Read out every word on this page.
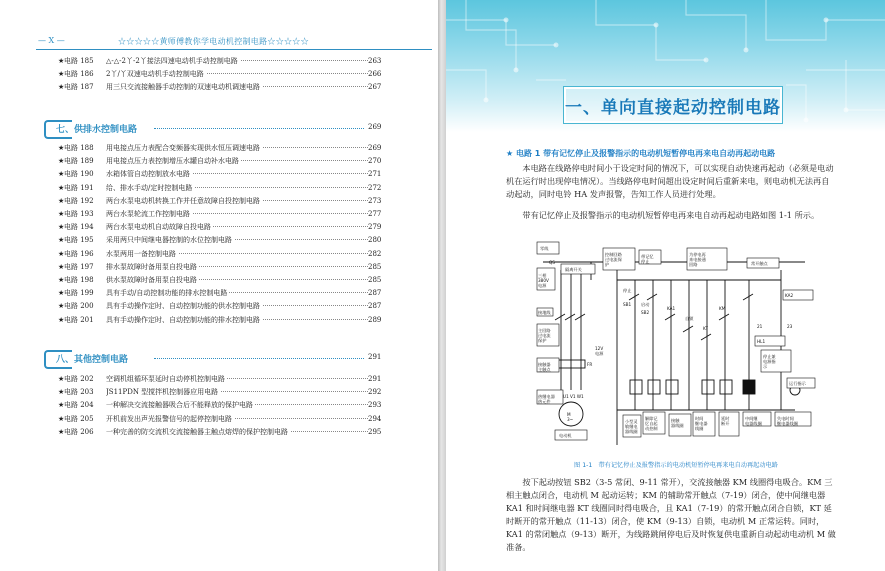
— X —	☆☆☆☆☆黄师傅教你学电动机控制电路☆☆☆☆☆
★ 电路 185 △-△-2丫-2丫接法四速电动机手动控制电路	263
★ 电路 186 2丫/丫双速电动机手动控制电路	266
★ 电路 187 用三只交流接触器手动控制的双速电动机调速电路	267
七、供排水控制电路	269
★ 电路 188 用电接点压力表配合变频器实现供水恒压调速电路	269
★ 电路 189 用电接点压力表控制增压水罐自动补水电路	270
★ 电路 190 水箱体管自动控制放水电路	271
★ 电路 191 给、排水手动/定时控制电路	272
★ 电路 192 两台水泵电动机转换工作并任意故障自投控制电路	273
★ 电路 193 两台水泵轮流工作控制电路	277
★ 电路 194 两台水泵电动机自动故障自投电路	279
★ 电路 195 采用两只中间继电器控制的水位控制电路	280
★ 电路 196 水泵两用一备控制电路	282
★ 电路 197 排水泵故障时备用泵自投电路	285
★ 电路 198 供水泵故障时备用泵自投电路	285
★ 电路 199 具有手动/自动控制功能的排水控制电路	287
★ 电路 200 具有手动操作定时、自动控制功能的供水控制电路	287
★ 电路 201 具有手动操作定时、自动控制功能的排水控制电路	289
八、其他控制电路	291
★ 电路 202 空调机组循环泵延时自动停机控制电路	291
★ 电路 203 JS11PDN 型搅拌机控制器应用电路	292
★ 电路 204 一种解决交流接触器吸合后不能释放的保护电路	293
★ 电路 205 开机前发出声光报警信号的起停控制电路	294
★ 电路 206 一种完善的防交流机交流接触器主触点熔焊的保护控制电路	295
一、单向直接起动控制电路
★ 电路 1 带有记忆停止及报警指示的电动机短暂停电再来电自动再起动电路

本电路在线路停电时间小于设定时间的情况下，可以实现自动快速再起动（必须是电动机在运行时出现停电情况）。当线路停电时间超出设定时间后重新来电，则电动机无法再自动起动，同时电铃 HA 发声报警，告知工作人员进行处理。

带有记忆停止及报警指示的电动机短暂停电再来电自动再起动电路如图 1-1 所示。

零线
三相 380V 电源
隔离开关
QS
接地线
主回路过电流保护
接触器主触点
热继电器热元件
电动机
M 3~
U1 V1 W1
FR
控制回路过电流保护
带记忆停止
为停电再来电接通回路	常开触点
停止
SB1 启动
SB2
KA1
自锁
KT
KM
HL1
停止兼电源指示
运行指示
KA2
小型灵敏继电器线圈
解除记忆自起动控制
接触器线圈
时间继电器线圈
延时断开
中间继电器线圈
失电时间继电器线圈
12V 电源
21	23
图 1-1　带有记忆停止及报警指示的电动机短暂停电再来电自动再起动电路

按下起动按钮 SB2（3-5 常闭、9-11 常开），交流接触器 KM 线圈得电吸合。KM 三相主触点闭合，电动机 M 起动运转；KM 的辅助常开触点（7-19）闭合，使中间继电器 KA1 和时间继电器 KT 线圈同时得电吸合，且 KA1（7-19）的常开触点闭合自锁，KT 延时断开的常开触点（11-13）闭合，使 KM（9-13）自锁，电动机 M 正常运转。同时，KA1 的常闭触点（9-13）断开，为线路跳闸停电后及时恢复供电重新自动起动电动机 M 做准备。
